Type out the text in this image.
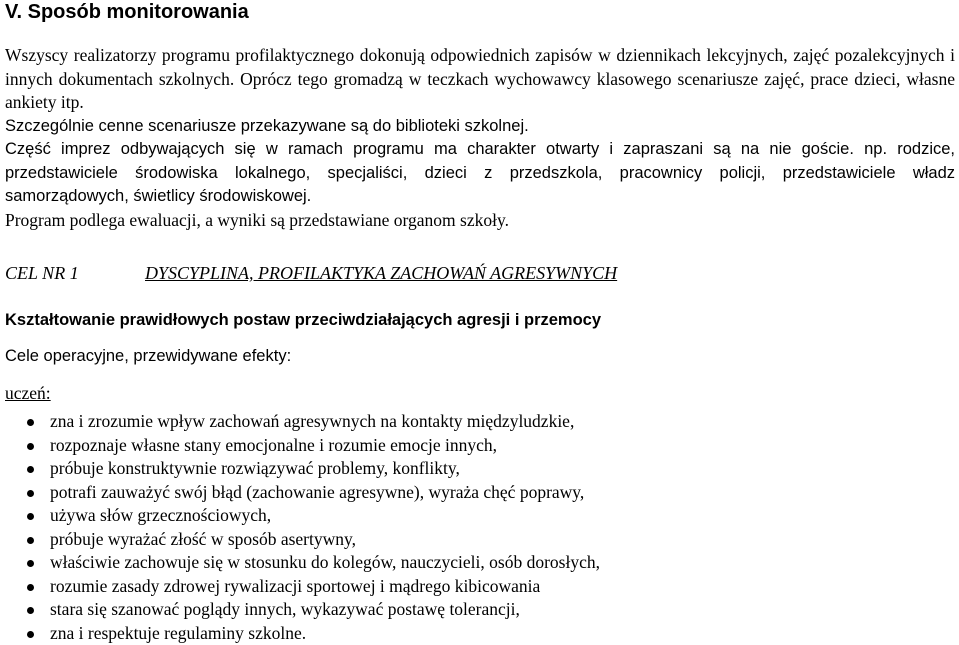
V. Sposób monitorowania

Wszyscy realizatorzy programu profilaktycznego dokonują odpowiednich zapisów w dziennikach lekcyjnych, zajęć pozalekcyjnych i innych dokumentach szkolnych. Oprócz tego gromadzą w teczkach wychowawcy klasowego scenariusze zajęć, prace dzieci, własne ankiety itp.

Szczególnie cenne scenariusze przekazywane są do biblioteki szkolnej.

Część imprez odbywających się w ramach programu ma charakter otwarty i zapraszani są na nie goście. np. rodzice, przedstawiciele środowiska lokalnego, specjaliści, dzieci z przedszkola, pracownicy policji, przedstawiciele władz samorządowych, świetlicy środowiskowej.

Program podlega ewaluacji, a wyniki są przedstawiane organom szkoły.

CEL NR 1	DYSCYPLINA, PROFILAKTYKA ZACHOWAŃ AGRESYWNYCH
Kształtowanie prawidłowych postaw przeciwdziałających agresji i przemocy
Cele operacyjne, przewidywane efekty:
uczeń:
zna i zrozumie wpływ zachowań agresywnych na kontakty międzyludzkie,
rozpoznaje własne stany emocjonalne i rozumie emocje innych,
próbuje konstruktywnie rozwiązywać problemy, konflikty,
potrafi zauważyć swój błąd (zachowanie agresywne), wyraża chęć poprawy,
używa słów grzecznościowych,
próbuje wyrażać złość w sposób asertywny,
właściwie zachowuje się w stosunku do kolegów, nauczycieli, osób dorosłych,
rozumie zasady zdrowej rywalizacji sportowej i mądrego kibicowania
stara się szanować poglądy innych, wykazywać postawę tolerancji,
zna i respektuje regulaminy szkolne.
